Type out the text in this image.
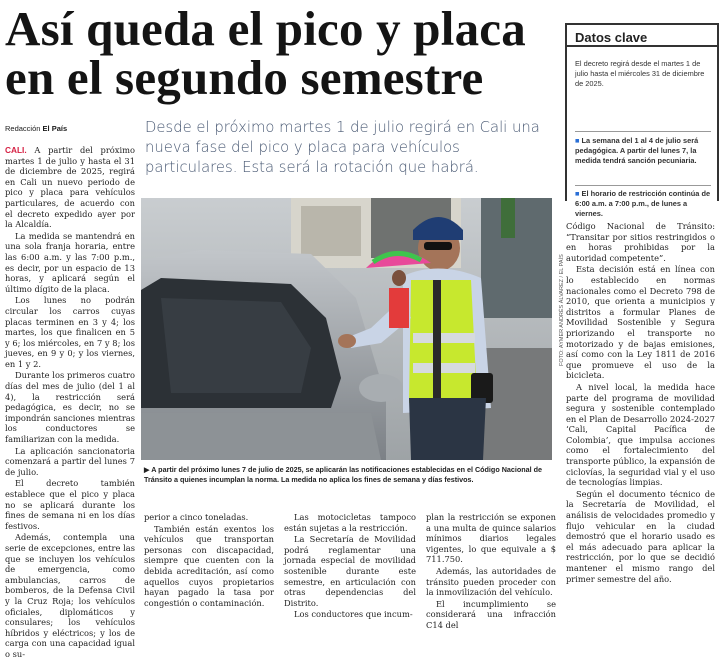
Así queda el pico y placa
en el segundo semestre
Redacción El País	Desde el próximo martes 1 de julio regirá en Cali una nueva fase del pico y placa para vehículos particulares. Esta será la rotación que habrá.
Datos clave
El decreto regirá desde el martes 1 de julio hasta el miércoles 31 de diciembre de 2025.
■ La semana del 1 al 4 de julio será pedagógica. A partir del lunes 7, la medida tendrá sanción pecuniaria.
■ El horario de restricción continúa de 6:00 a.m. a 7:00 p.m., de lunes a viernes.

CALI. A partir del próximo martes 1 de julio y hasta el 31 de diciembre de 2025, regirá en Cali un nuevo periodo de pico y placa para vehículos particulares, de acuerdo con el decreto expedido ayer por la Alcaldía.

La medida se mantendrá en una sola franja horaria, entre las 6:00 a.m. y las 7:00 p.m., es decir, por un espacio de 13 horas, y aplicará según el último dígito de la placa.

Los lunes no podrán circular los carros cuyas placas terminen en 3 y 4; los martes, los que finalicen en 5 y 6; los miércoles, en 7 y 8; los jueves, en 9 y 0; y los viernes, en 1 y 2.

Durante los primeros cuatro días del mes de julio (del 1 al 4), la restricción será pedagógica, es decir, no se impondrán sanciones mientras los conductores se familiarizan con la medida.

La aplicación sancionatoria comenzará a partir del lunes 7 de julio.

El decreto también establece que el pico y placa no se aplicará durante los fines de semana ni en los días festivos.

Además, contempla una serie de excepciones, entre las que se incluyen los vehículos de emergencia, como ambulancias, carros de bomberos, de la Defensa Civil y la Cruz Roja; los vehículos oficiales, diplomáticos y consulares; los vehículos híbridos y eléctricos; y los de carga con una capacidad igual o su-

FOTO: AYMER ANDRÉS ÁLVAREZ / EL PAÍS
▶ A partir del próximo lunes 7 de julio de 2025, se aplicarán las notificaciones establecidas en el Código Nacional de Tránsito a quienes incumplan la norma. La medida no aplica los fines de semana y días festivos.

perior a cinco toneladas.

También están exentos los vehículos que transportan personas con discapacidad, siempre que cuenten con la debida acreditación, así como aquellos cuyos propietarios hayan pagado la tasa por congestión o contaminación.

Las motocicletas tampoco están sujetas a la restricción.

La Secretaría de Movilidad podrá reglamentar una jornada especial de movilidad sostenible durante este semestre, en articulación con otras dependencias del Distrito.

Los conductores que incum-

plan la restricción se exponen a una multa de quince salarios mínimos diarios legales vigentes, lo que equivale a $ 711.750.

Además, las autoridades de tránsito pueden proceder con la inmovilización del vehículo.

El incumplimiento se considerará una infracción C14 del

Código Nacional de Tránsito: “Transitar por sitios restringidos o en horas prohibidas por la autoridad competente”.

Esta decisión está en línea con lo establecido en normas nacionales como el Decreto 798 de 2010, que orienta a municipios y distritos a formular Planes de Movilidad Sostenible y Segura priorizando el transporte no motorizado y de bajas emisiones, así como con la Ley 1811 de 2016 que promueve el uso de la bicicleta.

A nivel local, la medida hace parte del programa de movilidad segura y sostenible contemplado en el Plan de Desarrollo 2024-2027 ‘Cali, Capital Pacífica de Colombia’, que impulsa acciones como el fortalecimiento del transporte público, la expansión de ciclovías, la seguridad vial y el uso de tecnologías limpias.

Según el documento técnico de la Secretaría de Movilidad, el análisis de velocidades promedio y flujo vehicular en la ciudad demostró que el horario usado es el más adecuado para aplicar la restricción, por lo que se decidió mantener el mismo rango del primer semestre del año.
